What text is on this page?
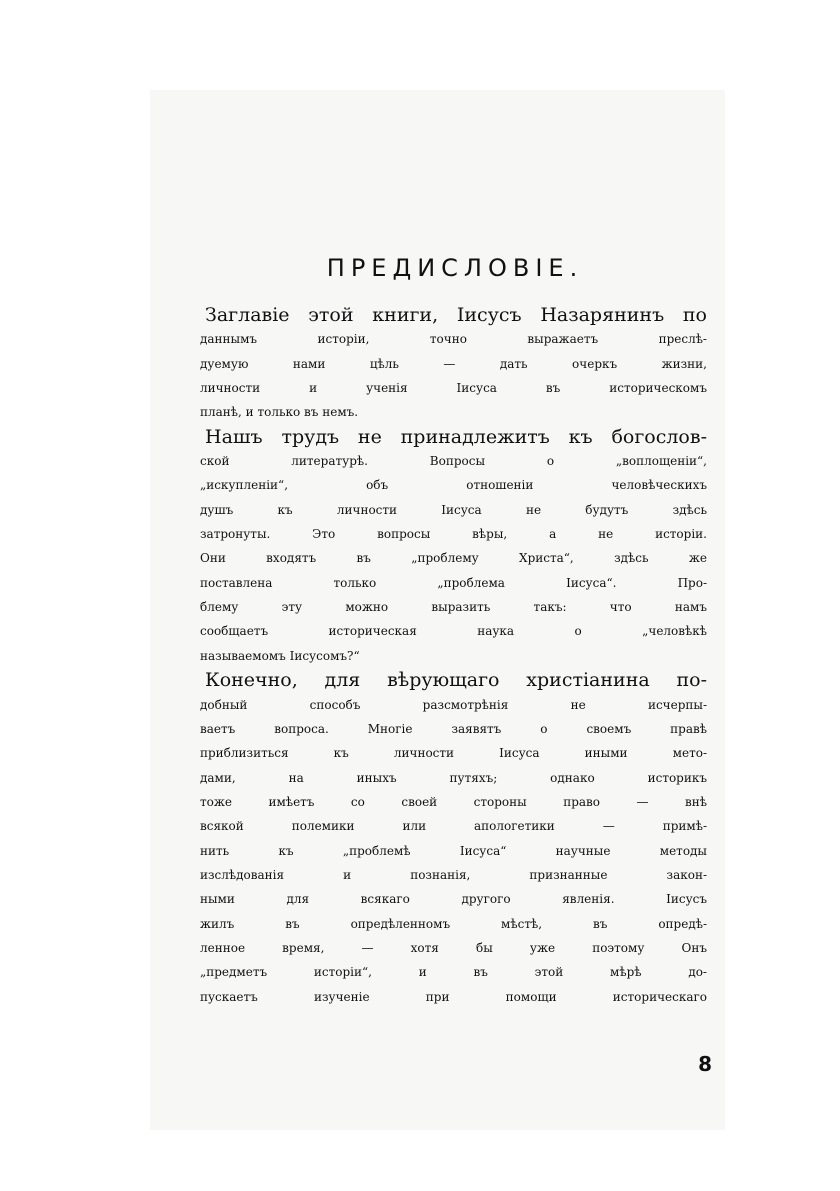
ПРЕДИСЛОВІЕ.
Заглавіе этой книги, Іисусъ Назарянинъ по
даннымъ исторіи, точно выражаетъ преслѣ-
дуемую нами цѣль — дать очеркъ жизни,
личности и ученія Іисуса въ историческомъ
планѣ, и только въ немъ.
Нашъ трудъ не принадлежитъ къ богослов-
ской литературѣ. Вопросы о „воплощеніи“,
„искупленіи“, объ отношеніи человѣческихъ
душъ къ личности Іисуса не будутъ здѣсь
затронуты. Это вопросы вѣры, а не исторіи.
Они входятъ въ „проблему Христа“, здѣсь же
поставлена только „проблема Іисуса“. Про-
блему эту можно выразить такъ: что намъ
сообщаетъ историческая наука о „человѣкѣ
называемомъ Іисусомъ?“
Конечно, для вѣрующаго христіанина по-
добный способъ разсмотрѣнія не исчерпы-
ваетъ вопроса. Многіе заявятъ о своемъ правѣ
приблизиться къ личности Іисуса иными мето-
дами, на иныхъ путяхъ; однако историкъ
тоже имѣетъ со своей стороны право — внѣ
всякой полемики или апологетики — примѣ-
нить къ „проблемѣ Іисуса“ научные методы
изслѣдованія и познанія, признанные закон-
ными для всякаго другого явленія. Іисусъ
жилъ въ опредѣленномъ мѣстѣ, въ опредѣ-
ленное время, — хотя бы уже поэтому Онъ
„предметъ исторіи“, и въ этой мѣрѣ до-
пускаетъ изученіе при помощи историческаго
8
